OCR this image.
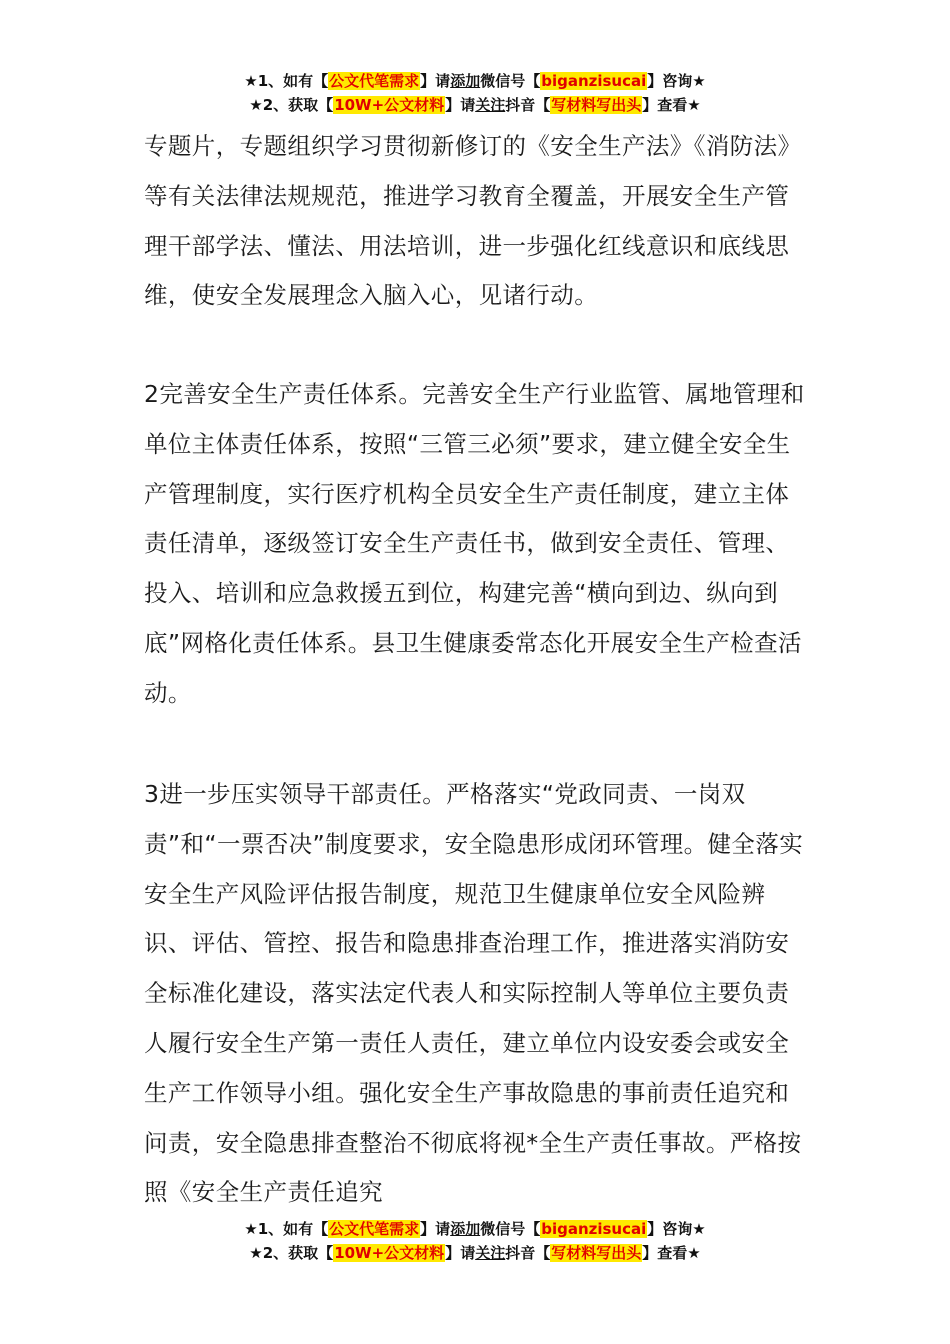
★1、如有【公文代笔需求】请添加微信号【biganzisucai】咨询★
★2、获取【10W+公文材料】请关注抖音【写材料写出头】查看★

专题片，专题组织学习贯彻新修订的《安全生产法》《消防法》等有关法律法规规范，推进学习教育全覆盖，开展安全生产管理干部学法、懂法、用法培训，进一步强化红线意识和底线思维，使安全发展理念入脑入心，见诸行动。

2完善安全生产责任体系。完善安全生产行业监管、属地管理和单位主体责任体系，按照“三管三必须”要求，建立健全安全生产管理制度，实行医疗机构全员安全生产责任制度，建立主体责任清单，逐级签订安全生产责任书，做到安全责任、管理、投入、培训和应急救援五到位，构建完善“横向到边、纵向到底”网格化责任体系。县卫生健康委常态化开展安全生产检查活动。

3进一步压实领导干部责任。严格落实“党政同责、一岗双责”和“一票否决”制度要求，安全隐患形成闭环管理。健全落实安全生产风险评估报告制度，规范卫生健康单位安全风险辨识、评估、管控、报告和隐患排查治理工作，推进落实消防安全标准化建设，落实法定代表人和实际控制人等单位主要负责人履行安全生产第一责任人责任，建立单位内设安委会或安全生产工作领导小组。强化安全生产事故隐患的事前责任追究和问责，安全隐患排查整治不彻底将视*全生产责任事故。严格按照《安全生产责任追究

★1、如有【公文代笔需求】请添加微信号【biganzisucai】咨询★
★2、获取【10W+公文材料】请关注抖音【写材料写出头】查看★
